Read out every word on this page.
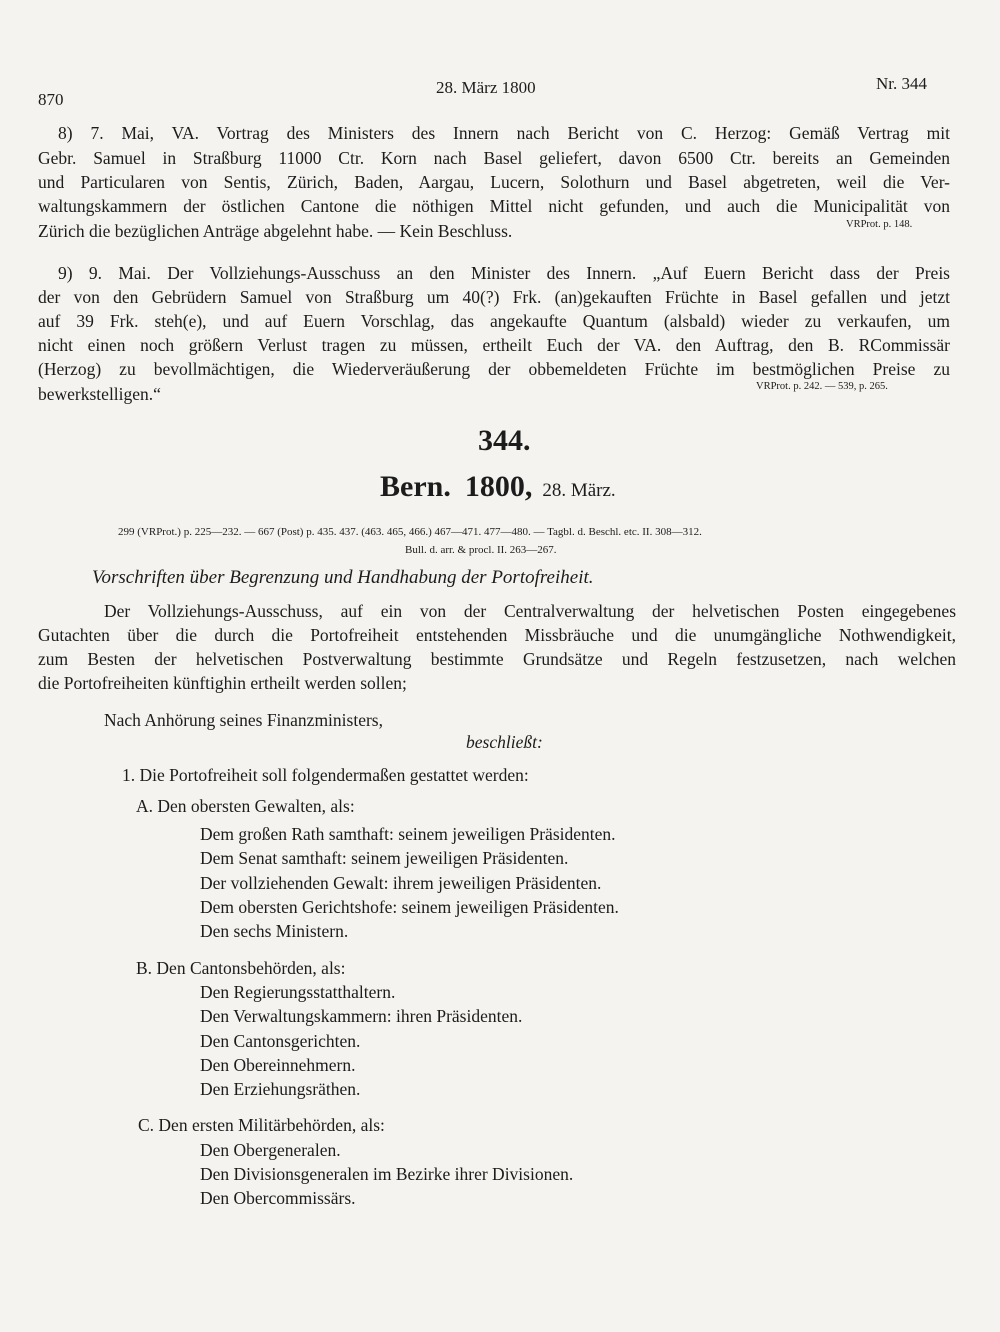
870
28. März 1800	Nr. 344
8) 7. Mai, VA. Vortrag des Ministers des Innern nach Bericht von C. Herzog: Gemäß Vertrag mit
Gebr. Samuel in Straßburg 11000 Ctr. Korn nach Basel geliefert, davon 6500 Ctr. bereits an Gemeinden
und Particularen von Sentis, Zürich, Baden, Aargau, Lucern, Solothurn und Basel abgetreten, weil die Ver-
waltungskammern der östlichen Cantone die nöthigen Mittel nicht gefunden, und auch die Municipalität von
Zürich die bezüglichen Anträge abgelehnt habe. — Kein Beschluss.	VRProt. p. 148.
9) 9. Mai. Der Vollziehungs-Ausschuss an den Minister des Innern. „Auf Euern Bericht dass der Preis
der von den Gebrüdern Samuel von Straßburg um 40(?) Frk. (an)gekauften Früchte in Basel gefallen und jetzt
auf 39 Frk. steh(e), und auf Euern Vorschlag, das angekaufte Quantum (alsbald) wieder zu verkaufen, um
nicht einen noch größern Verlust tragen zu müssen, ertheilt Euch der VA. den Auftrag, den B. RCommissär
(Herzog) zu bevollmächtigen, die Wiederveräußerung der obbemeldeten Früchte im bestmöglichen Preise zu
bewerkstelligen.“	VRProt. p. 242. — 539, p. 265.
344.
Bern. 1800, 28. März.
299 (VRProt.) p. 225—232. — 667 (Post) p. 435. 437. (463. 465, 466.) 467—471. 477—480. — Tagbl. d. Beschl. etc. II. 308—312.
Bull. d. arr. & procl. II. 263—267.
Vorschriften über Begrenzung und Handhabung der Portofreiheit.
Der Vollziehungs-Ausschuss, auf ein von der Centralverwaltung der helvetischen Posten eingegebenes
Gutachten über die durch die Portofreiheit entstehenden Missbräuche und die unumgängliche Nothwendigkeit,
zum Besten der helvetischen Postverwaltung bestimmte Grundsätze und Regeln festzusetzen, nach welchen
die Portofreiheiten künftighin ertheilt werden sollen;
Nach Anhörung seines Finanzministers,
beschließt:
1. Die Portofreiheit soll folgendermaßen gestattet werden:
A. Den obersten Gewalten, als:
Dem großen Rath samthaft: seinem jeweiligen Präsidenten.
Dem Senat samthaft: seinem jeweiligen Präsidenten.
Der vollziehenden Gewalt: ihrem jeweiligen Präsidenten.
Dem obersten Gerichtshofe: seinem jeweiligen Präsidenten.
Den sechs Ministern.
B. Den Cantonsbehörden, als:
Den Regierungsstatthaltern.
Den Verwaltungskammern: ihren Präsidenten.
Den Cantonsgerichten.
Den Obereinnehmern.
Den Erziehungsräthen.
C. Den ersten Militärbehörden, als:
Den Obergeneralen.
Den Divisionsgeneralen im Bezirke ihrer Divisionen.
Den Obercommissärs.
